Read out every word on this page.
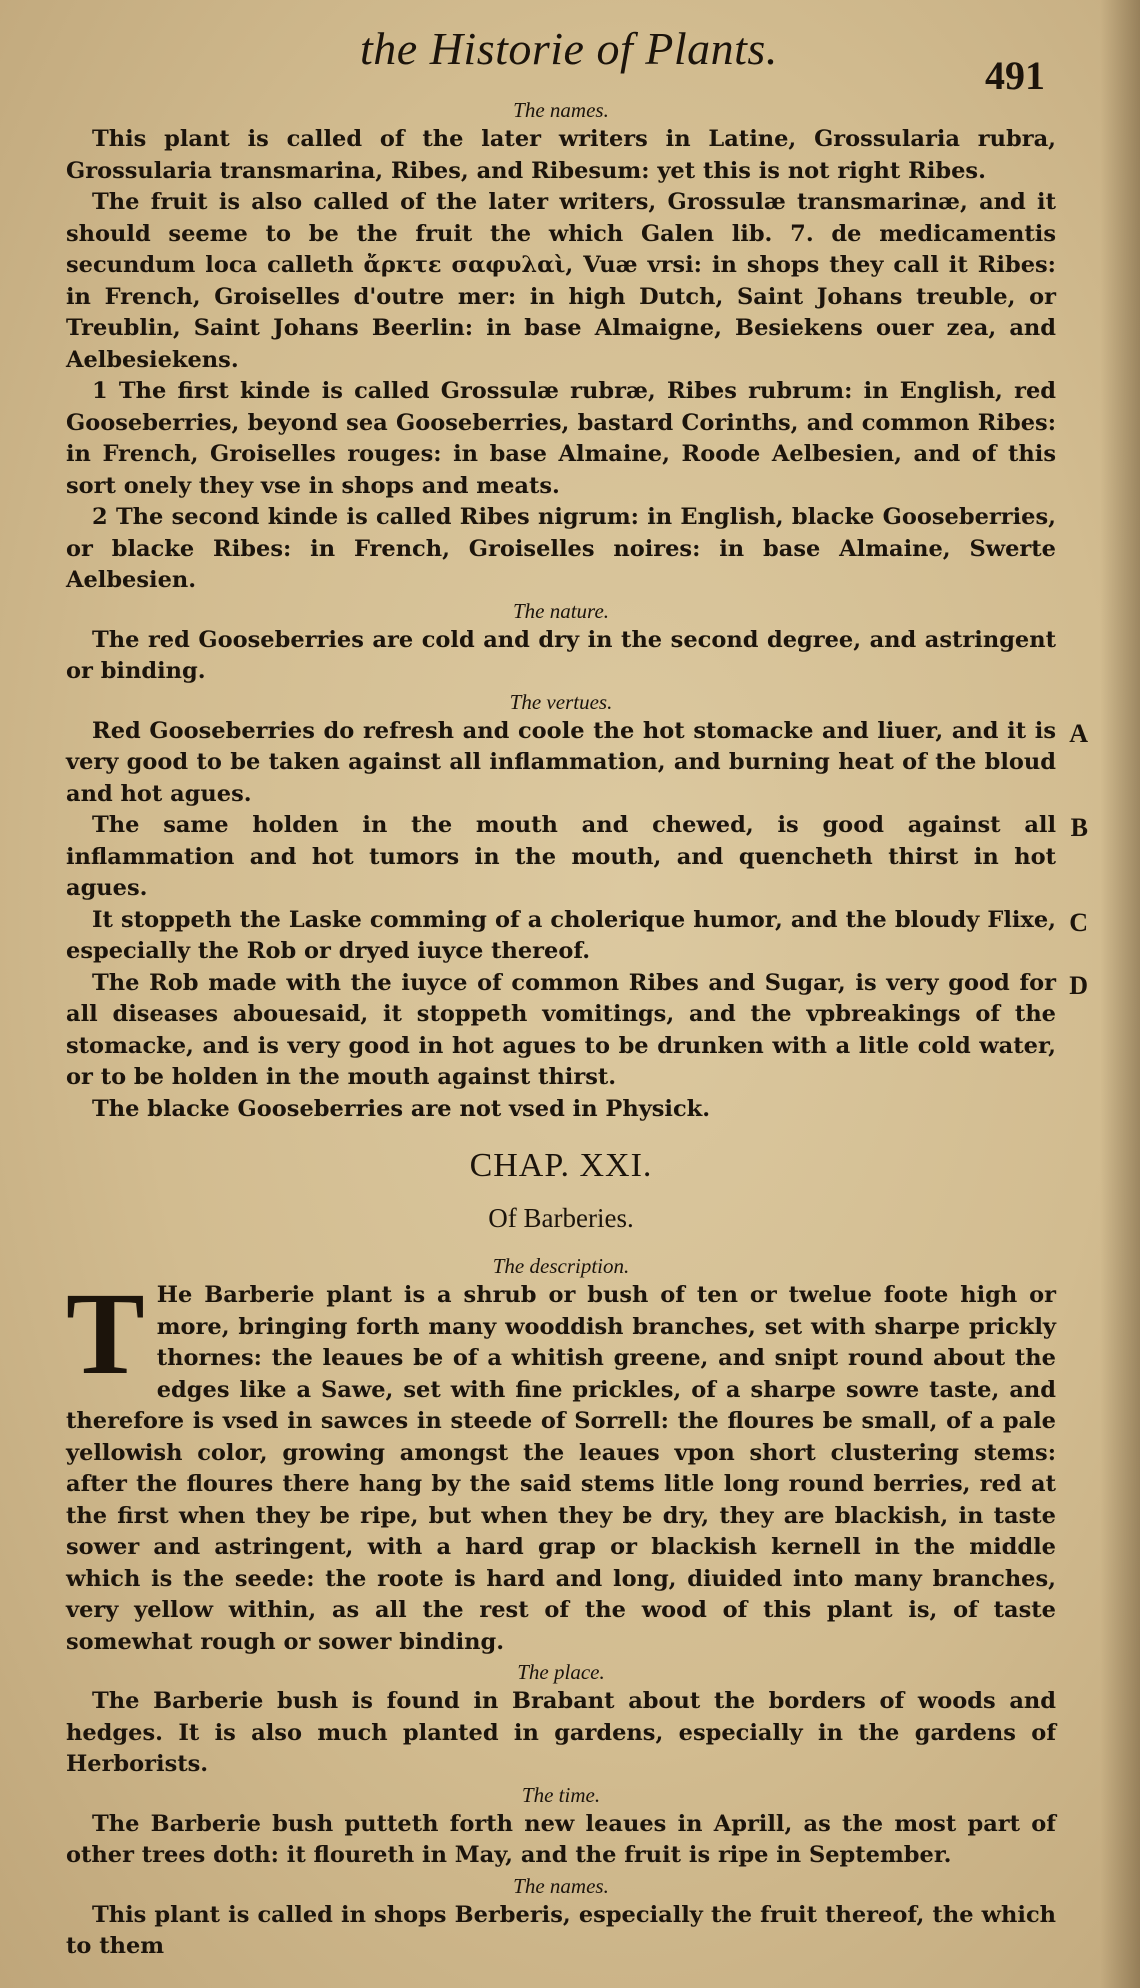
the Historie of Plants.
491
The names.

This plant is called of the later writers in Latine, Grossularia rubra, Grossularia transmarina, Ribes, and Ribesum: yet this is not right Ribes.

The fruit is also called of the later writers, Grossulæ transmarinæ, and it should seeme to be the fruit the which Galen lib. 7. de medicamentis secundum loca calleth ἄρκτε σαφυλαὶ, Vuæ vrsi: in shops they call it Ribes: in French, Groiselles d'outre mer: in high Dutch, Saint Johans treuble, or Treublin, Saint Johans Beerlin: in base Almaigne, Besiekens ouer zea, and Aelbesiekens.

1 The first kinde is called Grossulæ rubræ, Ribes rubrum: in English, red Gooseberries, beyond sea Gooseberries, bastard Corinths, and common Ribes: in French, Groiselles rouges: in base Almaine, Roode Aelbesien, and of this sort onely they vse in shops and meats.

2 The second kinde is called Ribes nigrum: in English, blacke Gooseberries, or blacke Ribes: in French, Groiselles noires: in base Almaine, Swerte Aelbesien.

The nature.

The red Gooseberries are cold and dry in the second degree, and astringent or binding.

The vertues.
Red Gooseberries do refresh and coole the hot stomacke and liuer, and it is very good to be taken against all inflammation, and burning heat of the bloud and hot agues.
A
The same holden in the mouth and chewed, is good against all inflammation and hot tumors in the mouth, and quencheth thirst in hot agues.
B
It stoppeth the Laske comming of a cholerique humor, and the bloudy Flixe, especially the Rob or dryed iuyce thereof.
C
The Rob made with the iuyce of common Ribes and Sugar, is very good for all diseases abouesaid, it stoppeth vomitings, and the vpbreakings of the stomacke, and is very good in hot agues to be drunken with a litle cold water, or to be holden in the mouth against thirst.
D

The blacke Gooseberries are not vsed in Physick.

CHAP. XXI.
Of Barberies.
The description.
T He Barberie plant is a shrub or bush of ten or twelue foote high or more, bringing forth many wooddish branches, set with sharpe prickly thornes: the leaues be of a whitish greene, and snipt round about the edges like a Sawe, set with fine prickles, of a sharpe sowre taste, and therefore is vsed in sawces in steede of Sorrell: the floures be small, of a pale yellowish color, growing amongst the leaues vpon short clustering stems: after the floures there hang by the said stems litle long round berries, red at the first when they be ripe, but when they be dry, they are blackish, in taste sower and astringent, with a hard grap or blackish kernell in the middle which is the seede: the roote is hard and long, diuided into many branches, very yellow within, as all the rest of the wood of this plant is, of taste somewhat rough or sower binding.
The place.

The Barberie bush is found in Brabant about the borders of woods and hedges. It is also much planted in gardens, especially in the gardens of Herborists.

The time.

The Barberie bush putteth forth new leaues in Aprill, as the most part of other trees doth: it floureth in May, and the fruit is ripe in September.

The names.

This plant is called in shops Berberis, especially the fruit thereof, the which to them
